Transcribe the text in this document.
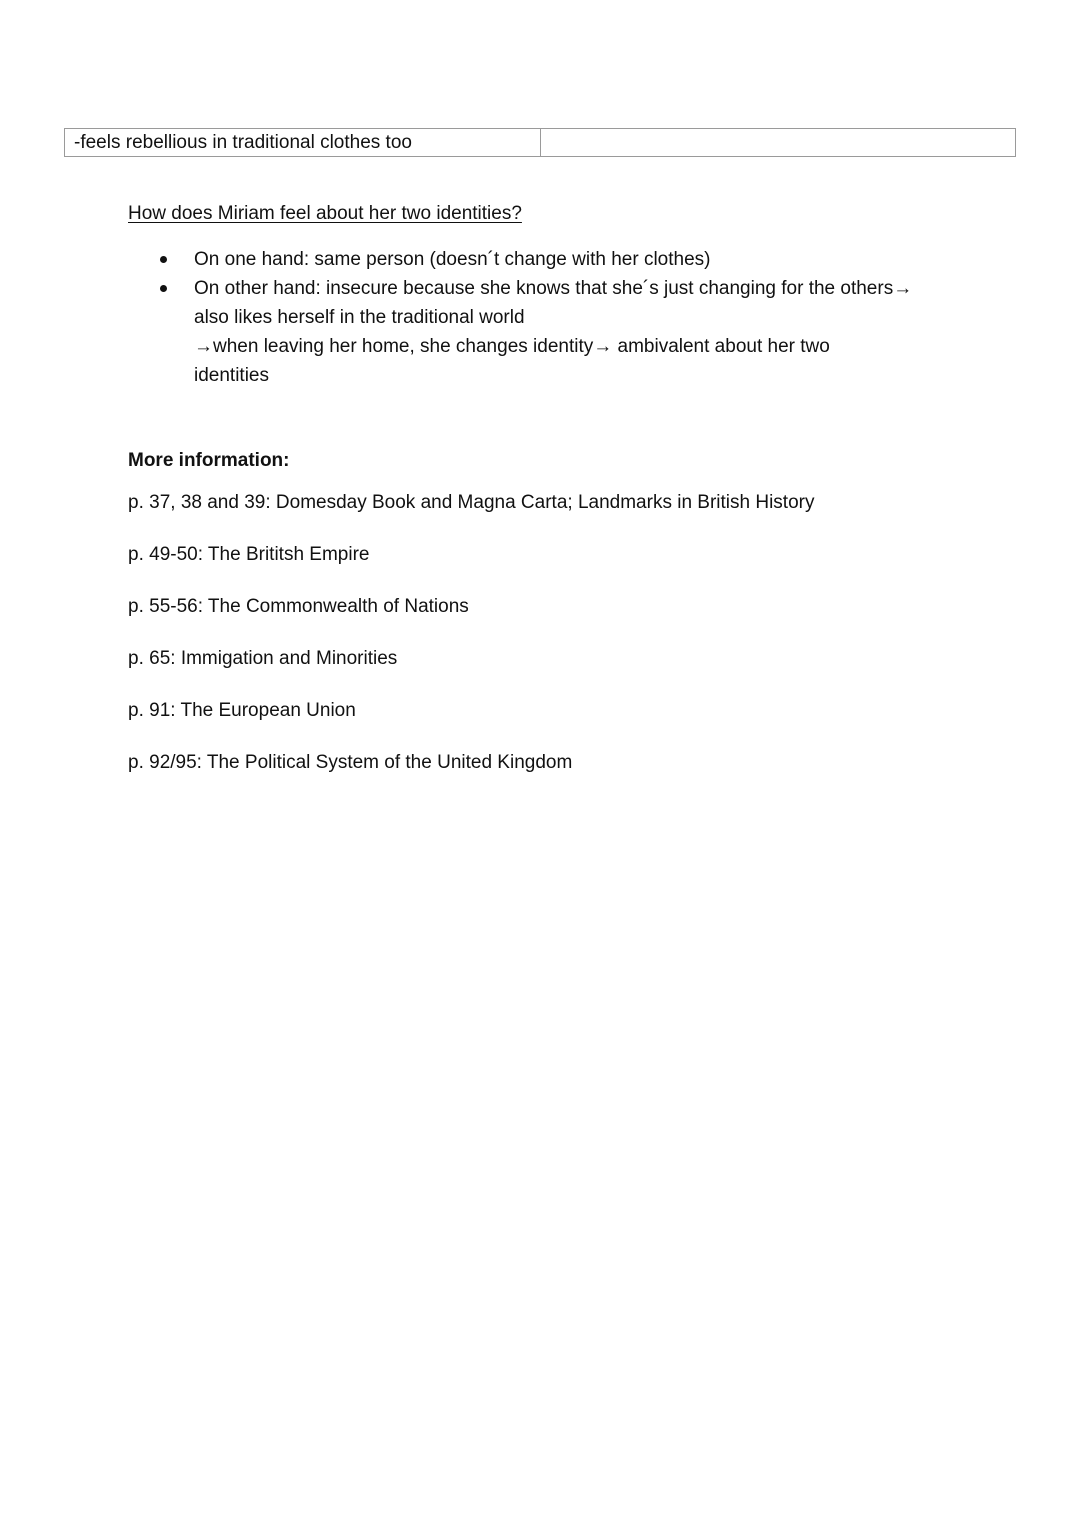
-feels rebellious in traditional clothes too
How does Miriam feel about her two identities?
On one hand: same person (doesn´t change with her clothes)
On other hand: insecure because she knows that she´s just changing for the others→
also likes herself in the traditional world
→when leaving her home, she changes identity→ ambivalent about her two
identities
More information:
p. 37, 38 and 39: Domesday Book and Magna Carta; Landmarks in British History
p. 49-50: The Brititsh Empire
p. 55-56: The Commonwealth of Nations
p. 65: Immigation and Minorities
p. 91: The European Union
p. 92/95: The Political System of the United Kingdom
